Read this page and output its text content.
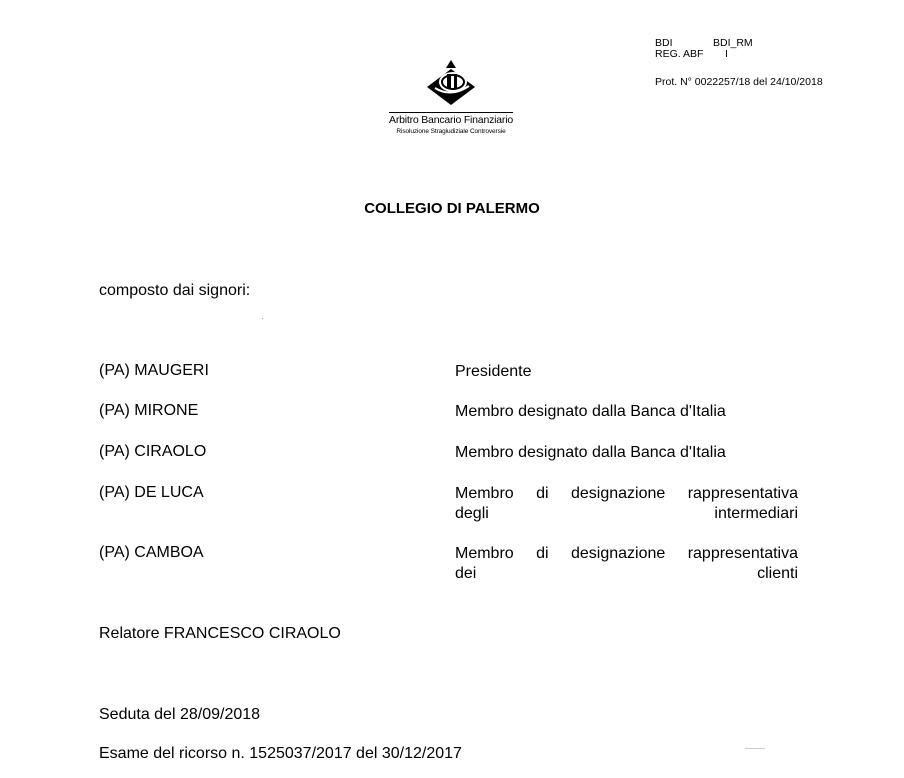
BDI	BDI_RM
REG. ABF I
Prot. N° 0022257/18 del 24/10/2018
Arbitro Bancario Finanziario
Risoluzione Stragiudiziale Controversie
COLLEGIO DI PALERMO
composto dai signori:
(PA) MAUGERI	Presidente
(PA) MIRONE	Membro designato dalla Banca d'Italia
(PA) CIRAOLO	Membro designato dalla Banca d'Italia
(PA) DE LUCA	Membro di designazione rappresentativa
degli intermediari
(PA) CAMBOA	Membro di designazione rappresentativa
dei clienti
Relatore FRANCESCO CIRAOLO
Seduta del 28/09/2018
Esame del ricorso n. 1525037/2017 del 30/12/2017
